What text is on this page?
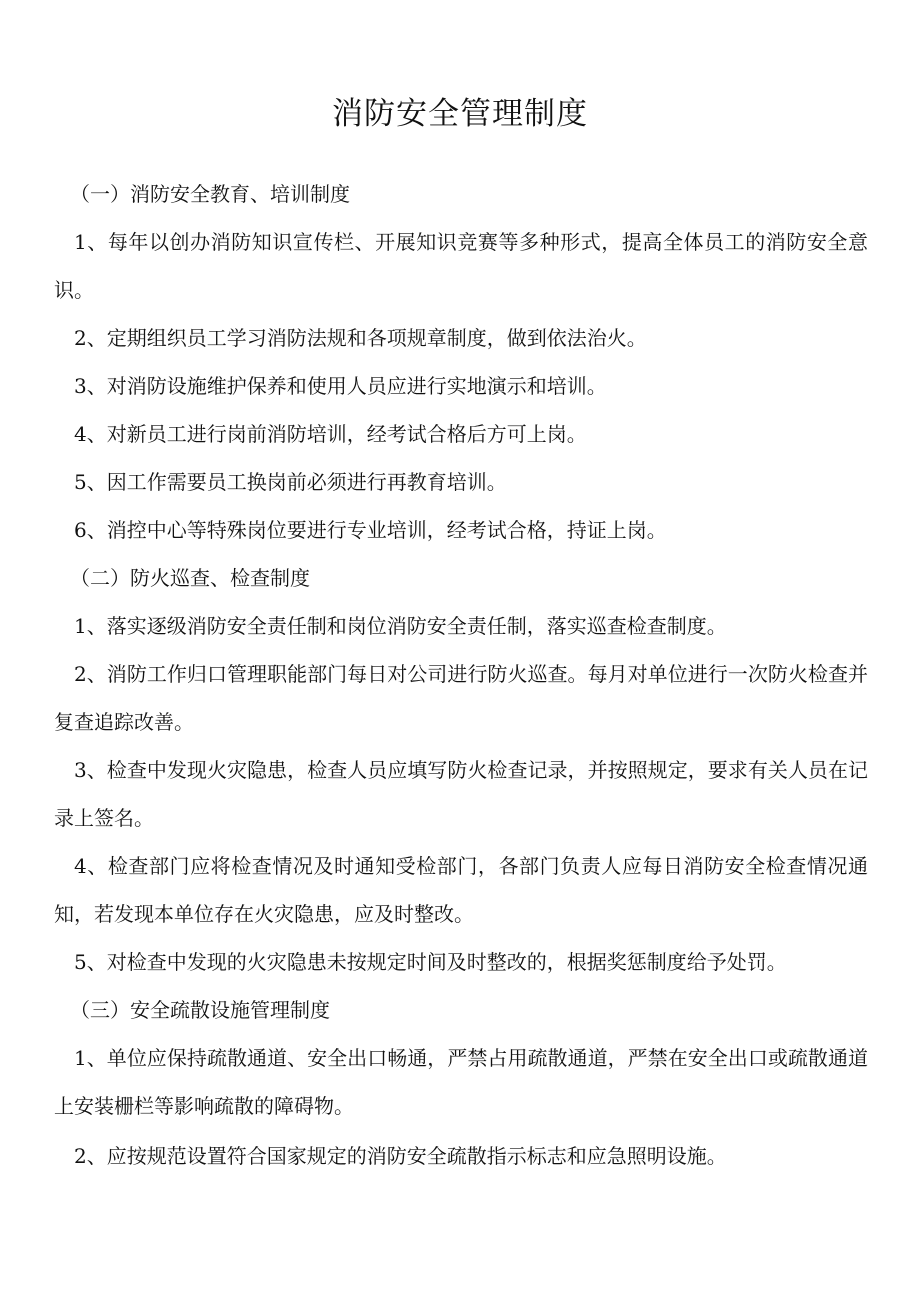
消防安全管理制度

（一）消防安全教育、培训制度

1、每年以创办消防知识宣传栏、开展知识竞赛等多种形式，提高全体员工的消防安全意识。

2、定期组织员工学习消防法规和各项规章制度，做到依法治火。

3、对消防设施维护保养和使用人员应进行实地演示和培训。

4、对新员工进行岗前消防培训，经考试合格后方可上岗。

5、因工作需要员工换岗前必须进行再教育培训。

6、消控中心等特殊岗位要进行专业培训，经考试合格，持证上岗。

（二）防火巡查、检查制度

1、落实逐级消防安全责任制和岗位消防安全责任制，落实巡查检查制度。

2、消防工作归口管理职能部门每日对公司进行防火巡查。每月对单位进行一次防火检查并复查追踪改善。

3、检查中发现火灾隐患，检查人员应填写防火检查记录，并按照规定，要求有关人员在记录上签名。

4、检查部门应将检查情况及时通知受检部门，各部门负责人应每日消防安全检查情况通知，若发现本单位存在火灾隐患，应及时整改。

5、对检查中发现的火灾隐患未按规定时间及时整改的，根据奖惩制度给予处罚。

（三）安全疏散设施管理制度

1、单位应保持疏散通道、安全出口畅通，严禁占用疏散通道，严禁在安全出口或疏散通道上安装栅栏等影响疏散的障碍物。

2、应按规范设置符合国家规定的消防安全疏散指示标志和应急照明设施。
